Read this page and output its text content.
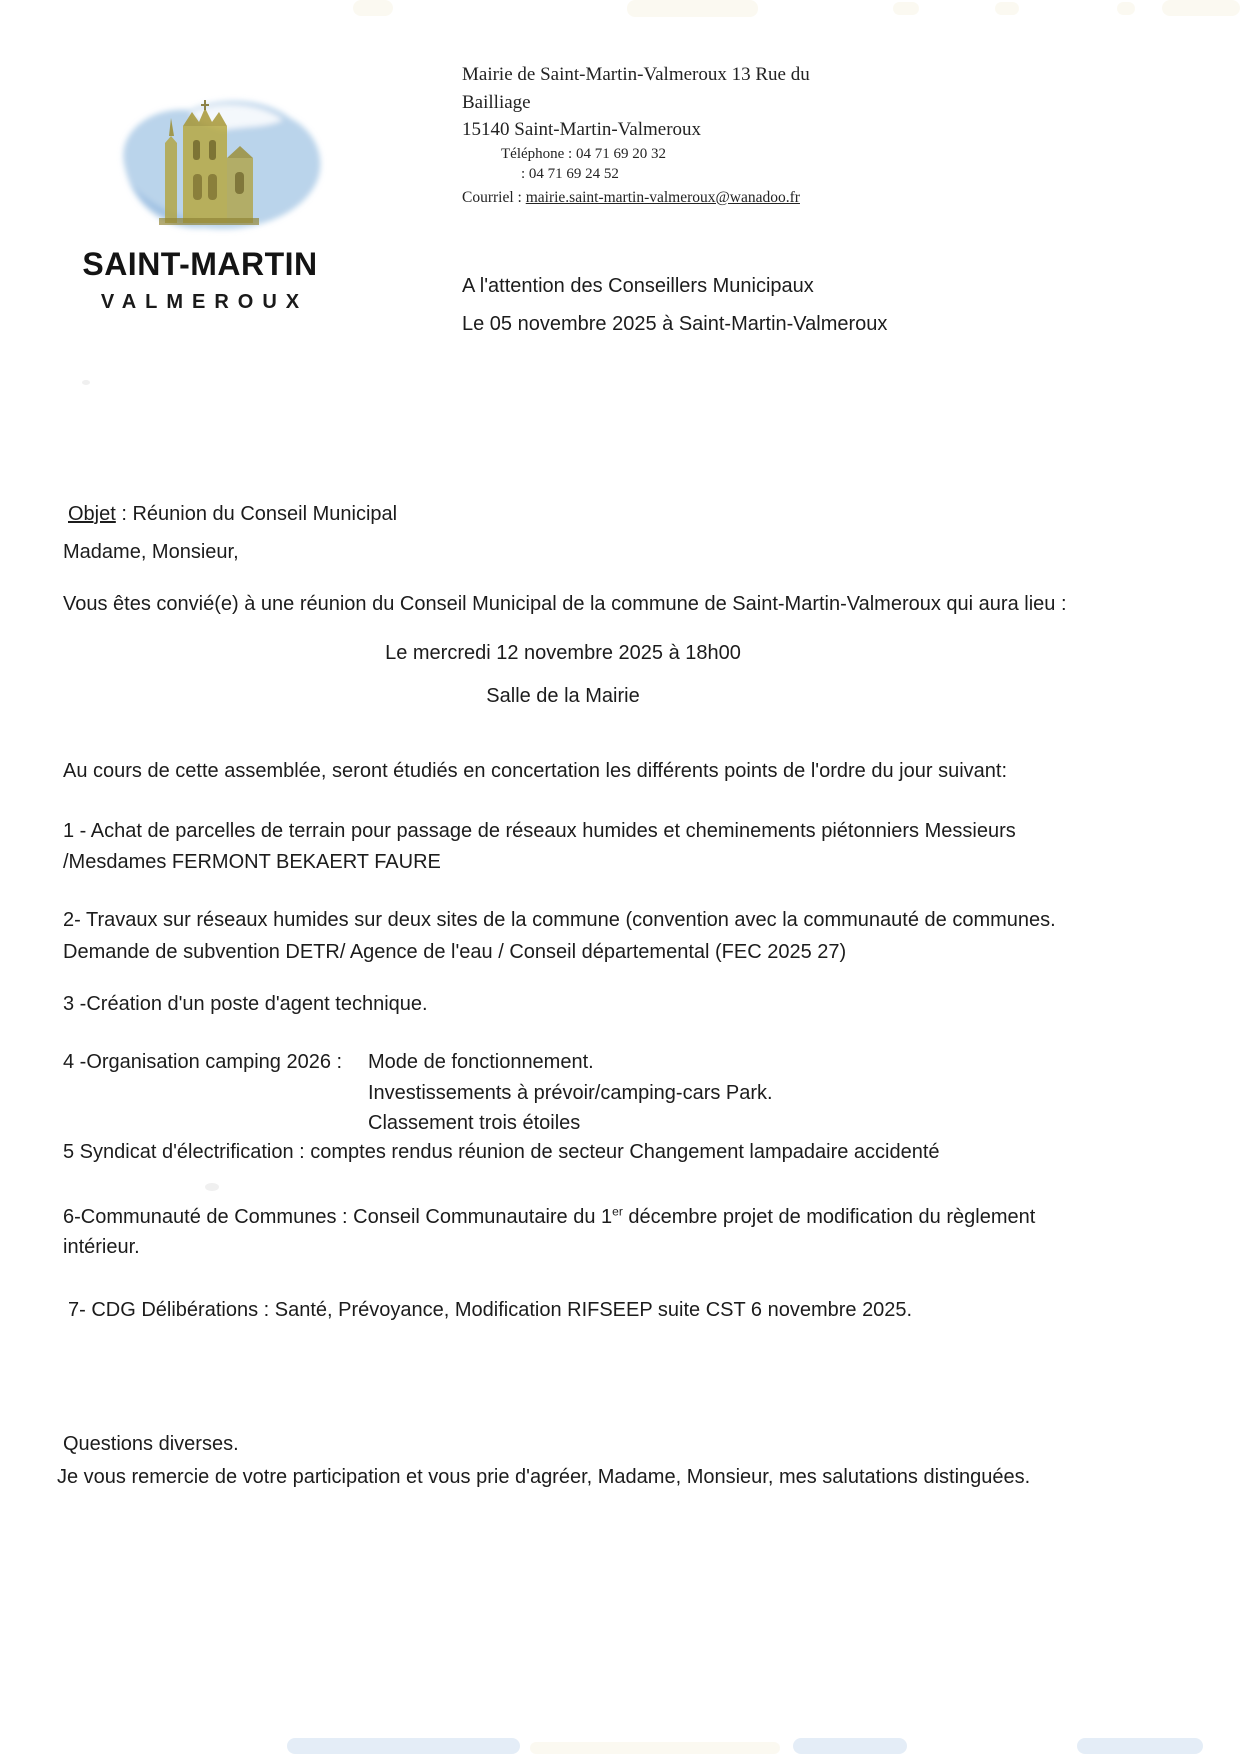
SAINT-MARTIN
VALMEROUX
Mairie de Saint-Martin-Valmeroux 13 Rue du
Bailliage
15140 Saint-Martin-Valmeroux
Téléphone : 04 71 69 20 32
: 04 71 69 24 52
Courriel : mairie.saint-martin-valmeroux@wanadoo.fr
A l'attention des Conseillers Municipaux
Le 05 novembre 2025 à Saint-Martin-Valmeroux
Objet : Réunion du Conseil Municipal
Madame, Monsieur,
Vous êtes convié(e) à une réunion du Conseil Municipal de la commune de Saint-Martin-Valmeroux qui aura lieu :
Le mercredi 12 novembre 2025 à 18h00
Salle de la Mairie
Au cours de cette assemblée, seront étudiés en concertation les différents points de l'ordre du jour suivant:
1 - Achat de parcelles de terrain pour passage de réseaux humides et cheminements piétonniers Messieurs
/Mesdames FERMONT BEKAERT FAURE
2- Travaux sur réseaux humides sur deux sites de la commune (convention avec la communauté de communes.
Demande de subvention DETR/ Agence de l'eau / Conseil départemental (FEC 2025 27)
3 -Création d'un poste d'agent technique.
4 -Organisation camping 2026 : Mode de fonctionnement.
Investissements à prévoir/camping-cars Park.
Classement trois étoiles
5 Syndicat d'électrification : comptes rendus réunion de secteur Changement lampadaire accidenté
6-Communauté de Communes : Conseil Communautaire du 1er décembre projet de modification du règlement intérieur.
7- CDG Délibérations : Santé, Prévoyance, Modification RIFSEEP suite CST 6 novembre 2025.
Questions diverses.
Je vous remercie de votre participation et vous prie d'agréer, Madame, Monsieur, mes salutations distinguées.
